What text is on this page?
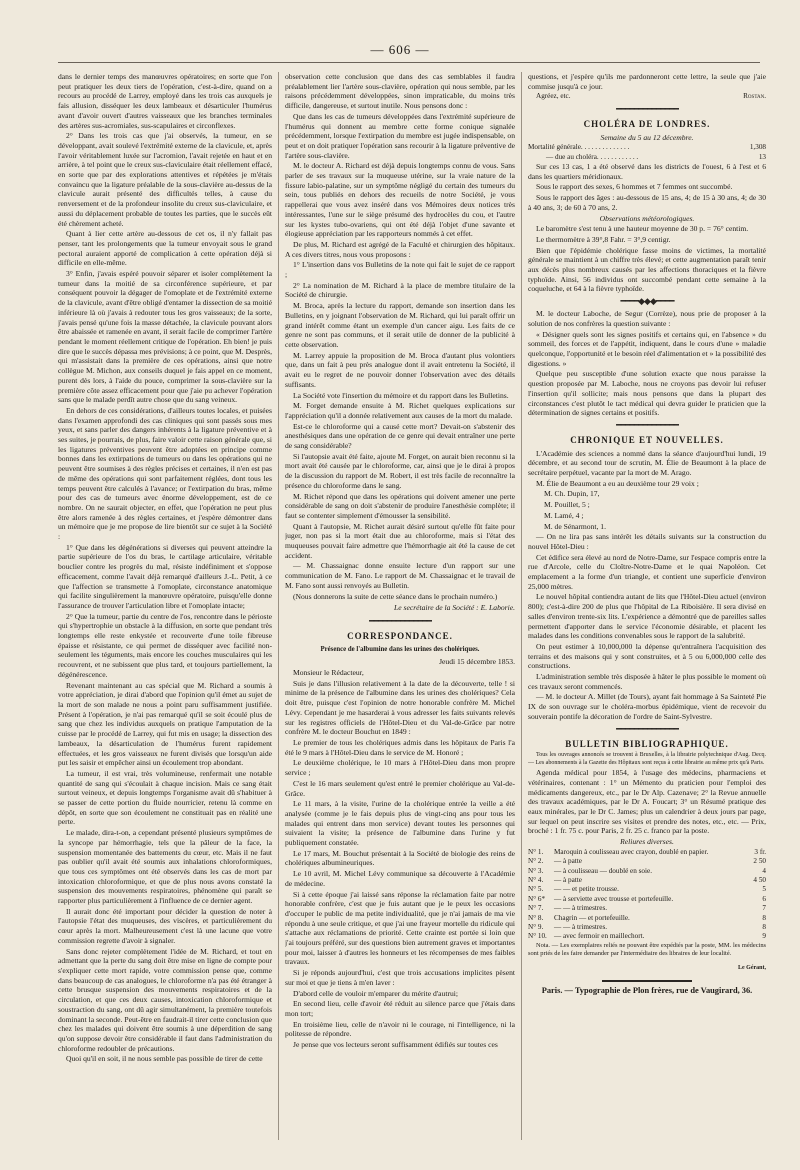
— 606 —

dans le dernier temps des manœuvres opératoires; en sorte que l'on peut pratiquer les deux tiers de l'opération, c'est-à-dire, quand on a recours au procédé de Larrey, employé dans les trois cas auxquels je fais allusion, disséquer les deux lambeaux et désarticuler l'humérus avant d'avoir ouvert d'autres vaisseaux que les branches terminales des artères sus-acromiales, sus-scapulaires et circonflexes.

2° Dans les trois cas que j'ai observés, la tumeur, en se développant, avait soulevé l'extrémité externe de la clavicule, et, après l'avoir véritablement luxée sur l'acromion, l'avait rejetée en haut et en arrière, à tel point que le creux sus-claviculaire était réellement effacé, en sorte que par des explorations attentives et répétées je m'étais convaincu que la ligature préalable de la sous-clavière au-dessus de la clavicule aurait présenté des difficultés telles, à cause du renversement et de la profondeur insolite du creux sus-claviculaire, et aussi du déplacement probable de toutes les parties, que le succès eût été chèrement acheté.

Quant à lier cette artère au-dessous de cet os, il n'y fallait pas penser, tant les prolongements que la tumeur envoyait sous le grand pectoral auraient apporté de complication à cette opération déjà si difficile en elle-même.

3° Enfin, j'avais espéré pouvoir séparer et isoler complètement la tumeur dans la moitié de sa circonférence supérieure, et par conséquent pouvoir la dégager de l'omoplate et de l'extrémité externe de la clavicule, avant d'être obligé d'entamer la dissection de sa moitié inférieure là où j'avais à redouter tous les gros vaisseaux; de la sorte, j'avais pensé qu'une fois la masse détachée, la clavicule pouvant alors être abaissée et ramenée en avant, il serait facile de comprimer l'artère pendant le moment réellement critique de l'opération. Eh bien! je puis dire que le succès dépassa mes prévisions; à ce point, que M. Desprès, qui m'assistait dans la première de ces opérations, ainsi que notre collègue M. Michon, aux conseils duquel je fais appel en ce moment, purent dès lors, à l'aide du pouce, comprimer la sous-clavière sur la première côte assez efficacement pour que j'aie pu achever l'opération sans que le malade perdît autre chose que du sang veineux.

En dehors de ces considérations, d'ailleurs toutes locales, et puisées dans l'examen approfondi des cas cliniques qui sont passés sous mes yeux, et sans parler des dangers inhérents à la ligature préventive et à ses suites, je pourrais, de plus, faire valoir cette raison générale que, si les ligatures préventives peuvent être adoptées en principe comme bonnes dans les extirpations de tumeurs ou dans les opérations qui ne peuvent être soumises à des règles précises et certaines, il n'en est pas de même des opérations qui sont parfaitement réglées, dont tous les temps peuvent être calculés à l'avance; or l'extirpation du bras, même pour des cas de tumeurs avec énorme développement, est de ce nombre. On ne saurait objecter, en effet, que l'opération ne peut plus être alors ramenée à des règles certaines, et j'espère démontrer dans un mémoire que je me propose de lire bientôt sur ce sujet à la Société :

1° Que dans les dégénérations si diverses qui peuvent atteindre la partie supérieure de l'os du bras, le cartilage articulaire, véritable bouclier contre les progrès du mal, résiste indéfiniment et s'oppose efficacement, comme l'avait déjà remarqué d'ailleurs J.-L. Petit, à ce que l'affection se transmette à l'omoplate, circonstance anatomique qui facilite singulièrement la manœuvre opératoire, puisqu'elle donne l'assurance de trouver l'articulation libre et l'omoplate intacte;

2° Que la tumeur, partie du centre de l'os, rencontre dans le périoste qui s'hypertrophie un obstacle à la diffusion, en sorte que pendant très longtemps elle reste enkystée et recouverte d'une toile fibreuse épaisse et résistante, ce qui permet de disséquer avec facilité non-seulement les téguments, mais encore les couches musculaires qui les recouvrent, et ne subissent que plus tard, et toujours partiellement, la dégénérescence.

Revenant maintenant au cas spécial que M. Richard a soumis à votre appréciation, je dirai d'abord que l'opinion qu'il émet au sujet de la mort de son malade ne nous a point paru suffisamment justifiée. Présent à l'opération, je n'ai pas remarqué qu'il se soit écoulé plus de sang que chez les individus auxquels on pratique l'amputation de la cuisse par le procédé de Larrey, qui fut mis en usage; la dissection des lambeaux, la désarticulation de l'humérus furent rapidement effectuées, et les gros vaisseaux ne furent divisés que lorsqu'un aide put les saisir et empêcher ainsi un écoulement trop abondant.

La tumeur, il est vrai, très volumineuse, renfermait une notable quantité de sang qui s'écoulait à chaque incision. Mais ce sang était surtout veineux, et depuis longtemps l'organisme avait dû s'habituer à se passer de cette portion du fluide nourricier, retenu là comme en dépôt, en sorte que son écoulement ne constituait pas en réalité une perte.

Le malade, dira-t-on, a cependant présenté plusieurs symptômes de la syncope par hémorrhagie, tels que la pâleur de la face, la suspension momentanée des battements du cœur, etc. Mais il ne faut pas oublier qu'il avait été soumis aux inhalations chloroformiques, que tous ces symptômes ont été observés dans les cas de mort par intoxication chloroformique, et que de plus nous avons constaté la suspension des mouvements respiratoires, phénomène qui paraît se rapporter plus particulièrement à l'influence de ce dernier agent.

Il aurait donc été important pour décider la question de noter à l'autopsie l'état des muqueuses, des viscères, et particulièrement du cœur après la mort. Malheureusement c'est là une lacune que votre commission regrette d'avoir à signaler.

Sans donc rejeter complètement l'idée de M. Richard, et tout en admettant que la perte du sang doit être mise en ligne de compte pour s'expliquer cette mort rapide, votre commission pense que, comme dans beaucoup de cas analogues, le chloroforme n'a pas été étranger à cette brusque suspension des mouvements respiratoires et de la circulation, et que ces deux causes, intoxication chloroformique et soustraction du sang, ont dû agir simultanément, la première toutefois dominant la seconde. Peut-être en faudrait-il tirer cette conclusion que chez les malades qui doivent être soumis à une déperdition de sang qu'on suppose devoir être considérable il faut dans l'administration du chloroforme redoubler de précautions.

Quoi qu'il en soit, il ne nous semble pas possible de tirer de cette

observation cette conclusion que dans des cas semblables il faudra préalablement lier l'artère sous-clavière, opération qui nous semble, par les raisons précédemment développées, sinon impraticable, du moins très difficile, dangereuse, et surtout inutile. Nous pensons donc :

Que dans les cas de tumeurs développées dans l'extrémité supérieure de l'humérus qui donnent au membre cette forme conique signalée précédemment, lorsque l'extirpation du membre est jugée indispensable, on peut et on doit pratiquer l'opération sans recourir à la ligature préventive de l'artère sous-clavière.

M. le docteur A. Richard est déjà depuis longtemps connu de vous. Sans parler de ses travaux sur la muqueuse utérine, sur la vraie nature de la fissure labio-palatine, sur un symptôme négligé du certain des tumeurs du sein, tous publiés en dehors des recueils de notre Société, je vous rappellerai que vous avez inséré dans vos Mémoires deux notices très intéressantes, l'une sur le siège présumé des hydrocèles du cou, et l'autre sur les kystes tubo-ovariens, qui ont été déjà l'objet d'une savante et élogieuse appréciation par les rapporteurs nommés à cet effet.

De plus, M. Richard est agrégé de la Faculté et chirurgien des hôpitaux. A ces divers titres, nous vous proposons :

1° L'insertion dans vos Bulletins de la note qui fait le sujet de ce rapport ;

2° La nomination de M. Richard à la place de membre titulaire de la Société de chirurgie.

M. Broca, après la lecture du rapport, demande son insertion dans les Bulletins, en y joignant l'observation de M. Richard, qui lui paraît offrir un grand intérêt comme étant un exemple d'un cancer aigu. Les faits de ce genre ne sont pas communs, et il serait utile de donner de la publicité à cette observation.

M. Larrey appuie la proposition de M. Broca d'autant plus volontiers que, dans un fait à peu près analogue dont il avait entretenu la Société, il avait eu le regret de ne pouvoir donner l'observation avec des détails suffisants.

La Société vote l'insertion du mémoire et du rapport dans les Bulletins.

M. Forget demande ensuite à M. Richet quelques explications sur l'appréciation qu'il a donnée relativement aux causes de la mort du malade.

Est-ce le chloroforme qui a causé cette mort? Devait-on s'abstenir des anesthésiques dans une opération de ce genre qui devait entraîner une perte de sang considérable?

Si l'autopsie avait été faite, ajoute M. Forget, on aurait bien reconnu si la mort avait été causée par le chloroforme, car, ainsi que je le dirai à propos de la discussion du rapport de M. Robert, il est très facile de reconnaître la présence du chloroforme dans le sang.

M. Richet répond que dans les opérations qui doivent amener une perte considérable de sang on doit s'abstenir de produire l'anesthésie complète; il faut se contenter simplement d'émousser la sensibilité.

Quant à l'autopsie, M. Richet aurait désiré surtout qu'elle fût faite pour juger, non pas si la mort était due au chloroforme, mais si l'état des muqueuses pouvait faire admettre que l'hémorrhagie ait été la cause de cet accident.

— M. Chassaignac donne ensuite lecture d'un rapport sur une communication de M. Fano. Le rapport de M. Chassaignac et le travail de M. Fano sont aussi renvoyés au Bulletin.

(Nous donnerons la suite de cette séance dans le prochain numéro.)

Le secrétaire de la Société : E. Laborie.
━━━━━━━━━━━━━━
CORRESPONDANCE.
Présence de l'albumine dans les urines des cholériques.

Jeudi 15 décembre 1853.

Monsieur le Rédacteur,

Suis je dans l'illusion relativement à la date de la découverte, telle ! si minime de la présence de l'albumine dans les urines des cholériques? Cela doit être, puisque c'est l'opinion de notre honorable confrère M. Michel Lévy. Cependant je me hasarderai à vous adresser les faits suivants relevés sur les registres officiels de l'Hôtel-Dieu et du Val-de-Grâce par notre confrère M. le docteur Bouchut en 1849 :

Le premier de tous les cholériques admis dans les hôpitaux de Paris l'a été le 9 mars à l'Hôtel-Dieu dans le service de M. Honoré ;

Le deuxième cholérique, le 10 mars à l'Hôtel-Dieu dans mon propre service ;

C'est le 16 mars seulement qu'est entré le premier cholérique au Val-de-Grâce.

Le 11 mars, à la visite, l'urine de la cholérique entrée la veille a été analysée (comme je le fais depuis plus de vingt-cinq ans pour tous les malades qui entrent dans mon service) devant toutes les personnes qui suivaient la visite; la présence de l'albumine dans l'urine y fut publiquement constatée.

Le 17 mars, M. Bouchut présentait à la Société de biologie des reins de cholériques albumineuriques.

Le 10 avril, M. Michel Lévy communique sa découverte à l'Académie de médecine.

Si à cette époque j'ai laissé sans réponse la réclamation faite par notre honorable confrère, c'est que je fuis autant que je le peux les occasions d'occuper le public de ma petite individualité, que je n'ai jamais de ma vie répondu à une seule critique, et que j'ai une frayeur mortelle du ridicule qui s'attache aux réclamations de priorité. Cette crainte est portée si loin que j'ai toujours préféré, sur des questions bien autrement graves et importantes pour moi, laisser à d'autres les honneurs et les récompenses de mes faibles travaux.

Si je réponds aujourd'hui, c'est que trois accusations implicites pèsent sur moi et que je tiens à m'en laver :

D'abord celle de vouloir m'emparer du mérite d'autrui;

En second lieu, celle d'avoir été réduit au silence parce que j'étais dans mon tort;

En troisième lieu, celle de n'avoir ni le courage, ni l'intelligence, ni la politesse de répondre.

Je pense que vos lecteurs seront suffisamment édifiés sur toutes ces

questions, et j'espère qu'ils me pardonneront cette lettre, la seule que j'aie commise jusqu'à ce jour.

Agréez, etc.	Rostan.
━━━━━━━━━━━━━━
CHOLÉRA DE LONDRES.

Semaine du 5 au 12 décembre.

Mortalité générale. . . . . . . . . . . . . .	1,308
— due au choléra. . . . . . . . . . . .	13

Sur ces 13 cas, 1 a été observé dans les districts de l'ouest, 6 à l'est et 6 dans les quartiers méridionaux.

Sous le rapport des sexes, 6 hommes et 7 femmes ont succombé.

Sous le rapport des âges : au-dessous de 15 ans, 4; de 15 à 30 ans, 4; de 30 à 40 ans, 3; de 60 à 70 ans, 2.

Observations météorologiques.

Le baromètre s'est tenu à une hauteur moyenne de 30 p. = 76° centim.

Le thermomètre à 39°,8 Fahr. = 3°,9 centigr.

Bien que l'épidémie cholérique fasse moins de victimes, la mortalité générale se maintient à un chiffre très élevé; et cette augmentation paraît tenir aux décès plus nombreux causés par les affections thoraciques et la fièvre typhoïde. Ainsi, 56 individus ont succombé pendant cette semaine à la coqueluche, et 64 à la fièvre typhoïde.

━━━━◆◆◆━━━━

M. le docteur Laboche, de Segur (Corrèze), nous prie de proposer à la solution de nos confrères la question suivante :

« Désigner quels sont les signes positifs et certains qui, en l'absence » du sommeil, des forces et de l'appétit, indiquent, dans le cours d'une » maladie quelconque, l'opportunité et le besoin réel d'alimentation et » la possibilité des digestions. »

Quelque peu susceptible d'une solution exacte que nous paraisse la question proposée par M. Laboche, nous ne croyons pas devoir lui refuser l'insertion qu'il sollicite; mais nous pensons que dans la plupart des circonstances c'est plutôt le tact médical qui devra guider le praticien que la détermination de signes certains et positifs.

━━━━━━━━━━━━━━
CHRONIQUE ET NOUVELLES.

L'Académie des sciences a nommé dans la séance d'aujourd'hui lundi, 19 décembre, et au second tour de scrutin, M. Élie de Beaumont à la place de secrétaire perpétuel, vacante par la mort de M. Arago.

M. Élie de Beaumont a eu au deuxième tour 29 voix ;

M. Ch. Dupin, 17,

M. Pouillet, 5 ;

M. Lamé, 4 ;

M. de Sénarmont, 1.

— On ne lira pas sans intérêt les détails suivants sur la construction du nouvel Hôtel-Dieu :

Cet édifice sera élevé au nord de Notre-Dame, sur l'espace compris entre la rue d'Arcole, celle du Cloître-Notre-Dame et le quai Napoléon. Cet emplacement a la forme d'un triangle, et contient une superficie d'environ 25,000 mètres.

Le nouvel hôpital contiendra autant de lits que l'Hôtel-Dieu actuel (environ 800); c'est-à-dire 200 de plus que l'hôpital de La Riboisière. Il sera divisé en salles d'environ trente-six lits. L'expérience a démontré que de pareilles salles permettent d'apporter dans le service l'économie désirable, et placent les malades dans les conditions convenables sous le rapport de la salubrité.

On peut estimer à 10,000,000 la dépense qu'entraînera l'acquisition des terrains et des maisons qui y sont construites, et à 5 ou 6,000,000 celle des constructions.

L'administration semble très disposée à hâter le plus possible le moment où ces travaux seront commencés.

— M. le docteur A. Millet (de Tours), ayant fait hommage à Sa Sainteté Pie IX de son ouvrage sur le choléra-morbus épidémique, vient de recevoir du souverain pontife la décoration de l'ordre de Saint-Sylvestre.

━━━━━━━━━━━━━━
BULLETIN BIBLIOGRAPHIQUE.

Tous les ouvrages annoncés se trouvent à Bruxelles, à la librairie polytechnique d'Aug. Decq. — Les abonnements à la Gazette des Hôpitaux sont reçus à cette librairie au même prix qu'à Paris.

Agenda médical pour 1854, à l'usage des médecins, pharmaciens et vétérinaires, contenant : 1° un Mémento du praticien pour l'emploi des médicaments dangereux, etc., par le Dr Alp. Cazenave; 2° la Revue annuelle des travaux académiques, par le Dr A. Foucart; 3° un Résumé pratique des eaux minérales, par le Dr C. James; plus un calendrier à deux jours par page, sur lequel on peut inscrire ses visites et prendre des notes, etc., etc. — Prix, broché : 1 fr. 75 c. pour Paris, 2 fr. 25 c. franco par la poste.

Reliures diverses.

N° 1.	Maroquin à coulisseau avec crayon, doublé en papier.	3 fr.
N° 2.	— à patte	2 50
N° 3.	— à coulisseau — doublé en soie.	4
N° 4.	— à patte	4 50
N° 5.	— — et petite trousse.	5
N° 6*	— à serviette avec trousse et portefeuille.	6
N° 7.	— — à trimestres.	7
N° 8.	Chagrin — et portefeuille.	8
N° 9.	— — à trimestres.	8
N° 10.	— avec fermoir en maillechort.	9

Nota. — Les exemplaires reliés ne pouvant être expédiés par la poste, MM. les médecins sont priés de les faire demander par l'intermédiaire des libraires de leur localité.

Le Gérant,
Paris. — Typographie de Plon frères, rue de Vaugirard, 36.
